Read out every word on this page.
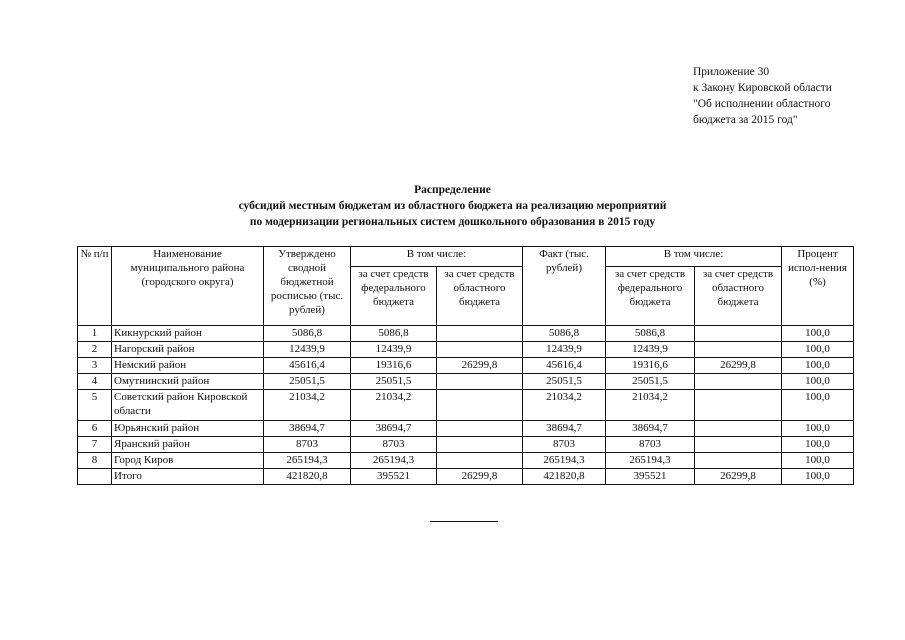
Приложение 30
к Закону Кировской области
"Об исполнении областного
бюджета за 2015 год"
Распределение
субсидий местным бюджетам из областного бюджета на реализацию мероприятий
по модернизации региональных систем дошкольного образования в 2015 году
№ п/п	Наименование муниципального района (городского округа)	Утверждено сводной бюджетной росписью (тыс. рублей)	В том числе:		Факт (тыс. рублей)	В том числе:		Процент испол-нения (%)
			за счет средств федерального бюджета	за счет средств областного бюджета		за счет средств федерального бюджета	за счет средств областного бюджета	
1	Кикнурский район	5086,8	5086,8		5086,8	5086,8		100,0
2	Нагорский район	12439,9	12439,9		12439,9	12439,9		100,0
3	Немский район	45616,4	19316,6	26299,8	45616,4	19316,6	26299,8	100,0
4	Омутнинский район	25051,5	25051,5		25051,5	25051,5		100,0
5	Советский район Кировской области	21034,2	21034,2		21034,2	21034,2		100,0
6	Юрьянский район	38694,7	38694,7		38694,7	38694,7		100,0
7	Яранский район	8703	8703		8703	8703		100,0
8	Город Киров	265194,3	265194,3		265194,3	265194,3		100,0
	Итого	421820,8	395521	26299,8	421820,8	395521	26299,8	100,0
